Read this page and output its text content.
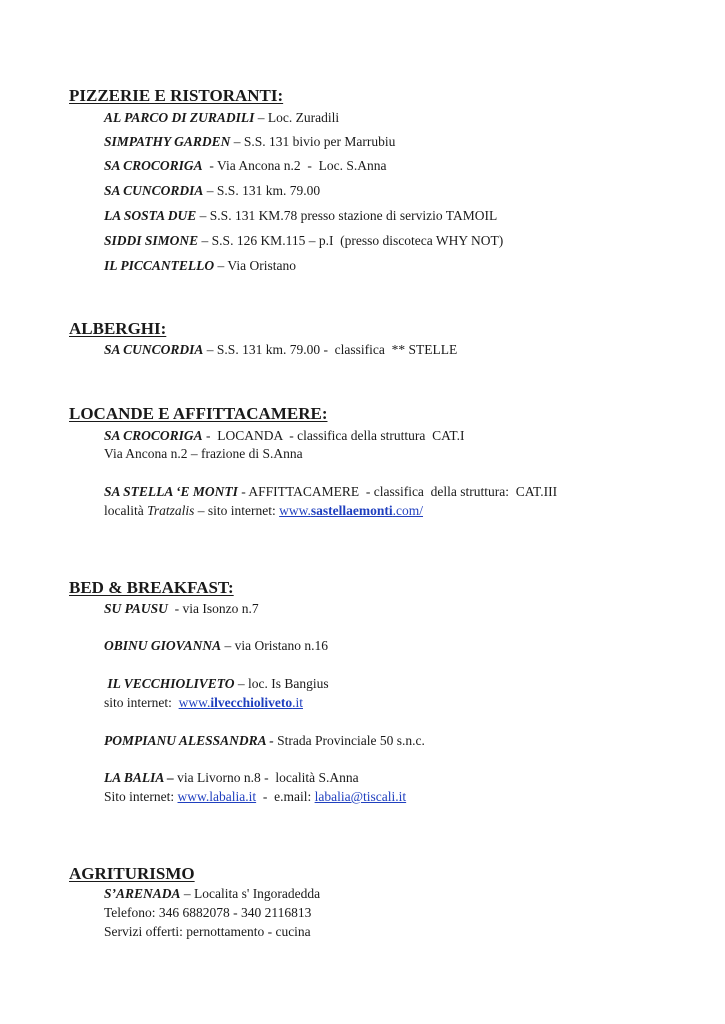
PIZZERIE E RISTORANTI:
AL PARCO DI ZURADILI – Loc. Zuradili
SIMPATHY GARDEN – S.S. 131 bivio per Marrubiu
SA CROCORIGA  - Via Ancona n.2  -  Loc. S.Anna
SA CUNCORDIA – S.S. 131 km. 79.00
LA SOSTA DUE – S.S. 131 KM.78 presso stazione di servizio TAMOIL
SIDDI SIMONE – S.S. 126 KM.115 – p.I  (presso discoteca WHY NOT)
IL PICCANTELLO – Via Oristano
ALBERGHI:
SA CUNCORDIA – S.S. 131 km. 79.00 -  classifica  ** STELLE
LOCANDE E AFFITTACAMERE:
SA CROCORIGA -  LOCANDA  - classifica della struttura  CAT.I
Via Ancona n.2 – frazione di S.Anna
SA STELLA ‘E MONTI - AFFITTACAMERE  - classifica  della struttura:  CAT.III
località Tratzalis – sito internet: www.sastellaemonti.com/
BED & BREAKFAST:
SU PAUSU  - via Isonzo n.7
OBINU GIOVANNA – via Oristano n.16
IL VECCHIOLIVETO – loc. Is Bangius
sito internet:  www.ilvecchioliveto.it
POMPIANU ALESSANDRA - Strada Provinciale 50 s.n.c.
LA BALIA – via Livorno n.8 -  località S.Anna
Sito internet: www.labalia.it  -  e.mail: labalia@tiscali.it
AGRITURISMO
S’ARENADA – Localita s' Ingoradedda
Telefono: 346 6882078 - 340 2116813
Servizi offerti: pernottamento - cucina
